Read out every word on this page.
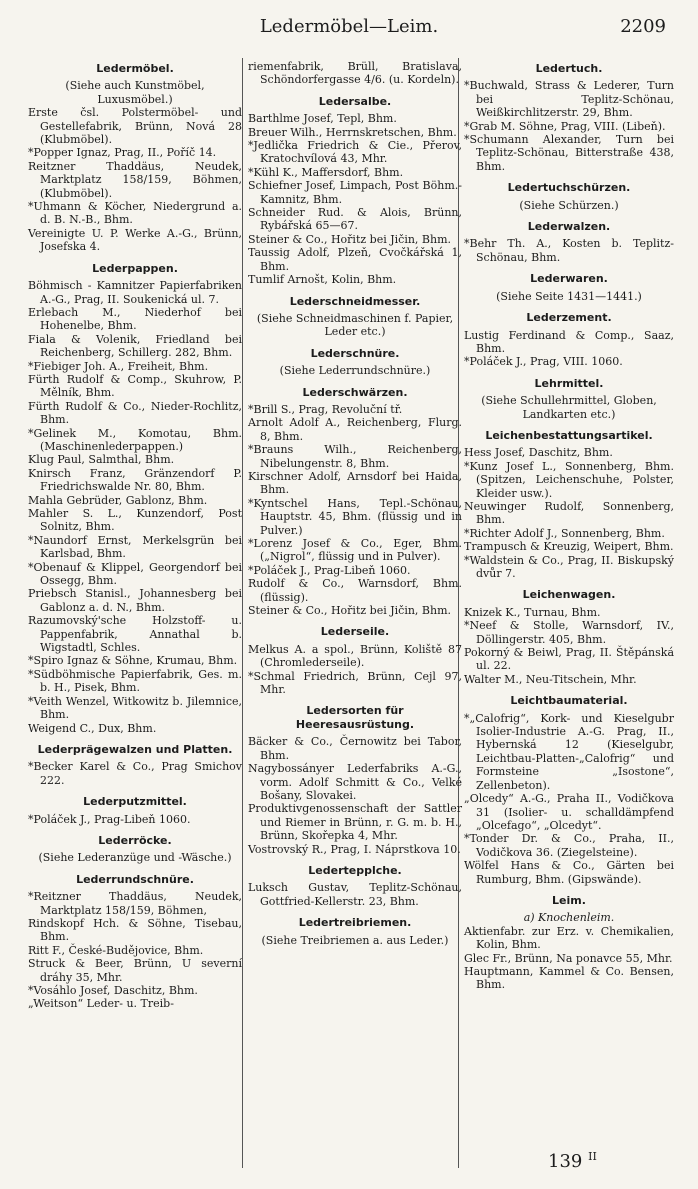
Ledermöbel—Leim.	2209
Ledermöbel.
(Siehe auch Kunstmöbel, Luxusmöbel.)
Erste čsl. Polstermöbel- und Gestellefabrik, Brünn, Nová 28 (Klubmöbel).
*Popper Ignaz, Prag, II., Poříč 14.
Reitzner Thaddäus, Neudek, Marktplatz 158/159, Böhmen, (Klubmöbel).
*Uhmann & Köcher, Niedergrund a. d. B. N.-B., Bhm.
Vereinigte U. P. Werke A.-G., Brünn, Josefska 4.
Lederpappen.
Böhmisch - Kamnitzer Papierfabriken A.-G., Prag, II. Soukenická ul. 7.
Erlebach M., Niederhof bei Hohenelbe, Bhm.
Fiala & Volenik, Friedland bei Reichenberg, Schillerg. 282, Bhm.
*Fiebiger Joh. A., Freiheit, Bhm.
Fürth Rudolf & Comp., Skuhrow, P. Mělník, Bhm.
Fürth Rudolf & Co., Nieder-Rochlitz, Bhm.
*Gelinek M., Komotau, Bhm. (Maschinenlederpappen.)
Klug Paul, Salmthal, Bhm.
Knirsch Franz, Gränzendorf P. Friedrichswalde Nr. 80, Bhm.
Mahla Gebrüder, Gablonz, Bhm.
Mahler S. L., Kunzendorf, Post Solnitz, Bhm.
*Naundorf Ernst, Merkelsgrün bei Karlsbad, Bhm.
*Obenauf & Klippel, Georgendorf bei Ossegg, Bhm.
Priebsch Stanisl., Johannesberg bei Gablonz a. d. N., Bhm.
Razumovský'sche Holzstoff- u. Pappenfabrik, Annathal b. Wigstadtl, Schles.
*Spiro Ignaz & Söhne, Krumau, Bhm.
*Südböhmische Papierfabrik, Ges. m. b. H., Pisek, Bhm.
*Veith Wenzel, Witkowitz b. Jilemnice, Bhm.
Weigend C., Dux, Bhm.
Lederprägewalzen und Platten.
*Becker Karel & Co., Prag Smichov 222.
Lederputzmittel.
*Poláček J., Prag-Libeň 1060.
Lederröcke.
(Siehe Lederanzüge und -Wäsche.)
Lederrundschnüre.
*Reitzner Thaddäus, Neudek, Marktplatz 158/159, Böhmen,
Rindskopf Hch. & Söhne, Tisebau, Bhm.
Ritt F., České-Budějovice, Bhm.
Struck & Beer, Brünn, U severní dráhy 35, Mhr.
*Vosáhlo Josef, Daschitz, Bhm.
„Weitson“ Leder- u. Treib-
riemenfabrik, Brüll, Bratislava, Schöndorfergasse 4/6. (u. Kordeln).
Ledersalbe.
Barthlme Josef, Tepl, Bhm.
Breuer Wilh., Herrnskretschen, Bhm.
*Jedlička Friedrich & Cie., Přerov, Kratochvílová 43, Mhr.
*Kühl K., Maffersdorf, Bhm.
Schiefner Josef, Limpach, Post Böhm.-Kamnitz, Bhm.
Schneider Rud. & Alois, Brünn, Rybářská 65—67.
Steiner & Co., Hořitz bei Jičin, Bhm.
Taussig Adolf, Plzeň, Cvočkářská 1, Bhm.
Tumlif Arnošt, Kolin, Bhm.
Lederschneidmesser.
(Siehe Schneidmaschinen f. Papier, Leder etc.)
Lederschnüre.
(Siehe Lederrundschnüre.)
Lederschwärzen.
*Brill S., Prag, Revoluční tř.
Arnolt Adolf A., Reichenberg, Flurg. 8, Bhm.
*Brauns Wilh., Reichenberg, Nibelungenstr. 8, Bhm.
Kirschner Adolf, Arnsdorf bei Haida, Bhm.
*Kyntschel Hans, Tepl.-Schönau, Hauptstr. 45, Bhm. (flüssig und in Pulver.)
*Lorenz Josef & Co., Eger, Bhm. („Nigrol“, flüssig und in Pulver).
*Poláček J., Prag-Libeň 1060.
Rudolf & Co., Warnsdorf, Bhm. (flüssig).
Steiner & Co., Hořitz bei Jičin, Bhm.
Lederseile.
Melkus A. a spol., Brünn, Koliště 87 (Chromlederseile).
*Schmal Friedrich, Brünn, Cejl 97, Mhr.
Ledersorten für Heeresausrüstung.
Bäcker & Co., Černowitz bei Tabor, Bhm.
Nagybossányer Lederfabriks A.-G., vorm. Adolf Schmitt & Co., Velké Bošany, Slovakei.
Produktivgenossenschaft der Sattler und Riemer in Brünn, r. G. m. b. H., Brünn, Skořepka 4, Mhr.
Vostrovský R., Prag, I. Náprstkova 10.
Ledertepplche.
Luksch Gustav, Teplitz-Schönau, Gottfried-Kellerstr. 23, Bhm.
Ledertreibriemen.
(Siehe Treibriemen a. aus Leder.)
Ledertuch.
*Buchwald, Strass & Lederer, Turn bei Teplitz-Schönau, Weißkirchlitzerstr. 29, Bhm.
*Grab M. Söhne, Prag, VIII. (Libeň).
*Schumann Alexander, Turn bei Teplitz-Schönau, Bitterstraße 438, Bhm.
Ledertuchschürzen.
(Siehe Schürzen.)
Lederwalzen.
*Behr Th. A., Kosten b. Teplitz-Schönau, Bhm.
Lederwaren.
(Siehe Seite 1431—1441.)
Lederzement.
Lustig Ferdinand & Comp., Saaz, Bhm.
*Poláček J., Prag, VIII. 1060.
Lehrmittel.
(Siehe Schullehrmittel, Globen, Landkarten etc.)
Leichenbestattungsartikel.
Hess Josef, Daschitz, Bhm.
*Kunz Josef L., Sonnenberg, Bhm. (Spitzen, Leichenschuhe, Polster, Kleider usw.).
Neuwinger Rudolf, Sonnenberg, Bhm.
*Richter Adolf J., Sonnenberg, Bhm.
Trampusch & Kreuzig, Weipert, Bhm.
*Waldstein & Co., Prag, II. Biskupský dvůr 7.
Leichenwagen.
Knizek K., Turnau, Bhm.
*Neef & Stolle, Warnsdorf, IV., Döllingerstr. 405, Bhm.
Pokorný & Beiwl, Prag, II. Štěpánská ul. 22.
Walter M., Neu-Titschein, Mhr.
Leichtbaumaterial.
*„Calofrig“, Kork- und Kieselgubr Isolier-Industrie A.-G. Prag, II., Hybernská 12 (Kieselgubr, Leichtbau-Platten-„Calofrig“ und Formsteine „Isostone“, Zellenbeton).
„Olcedy“ A.-G., Praha II., Vodičkova 31 (Isolier- u. schalldämpfend „Olcefago“, „Olcedyt“.
*Tonder Dr. & Co., Praha, II., Vodičkova 36. (Ziegelsteine).
Wölfel Hans & Co., Gärten bei Rumburg, Bhm. (Gipswände).
Leim.
a) Knochenleim.
Aktienfabr. zur Erz. v. Chemikalien, Kolin, Bhm.
Glec Fr., Brünn, Na ponavce 55, Mhr.
Hauptmann, Kammel & Co. Bensen, Bhm.
139 $^{II}$
